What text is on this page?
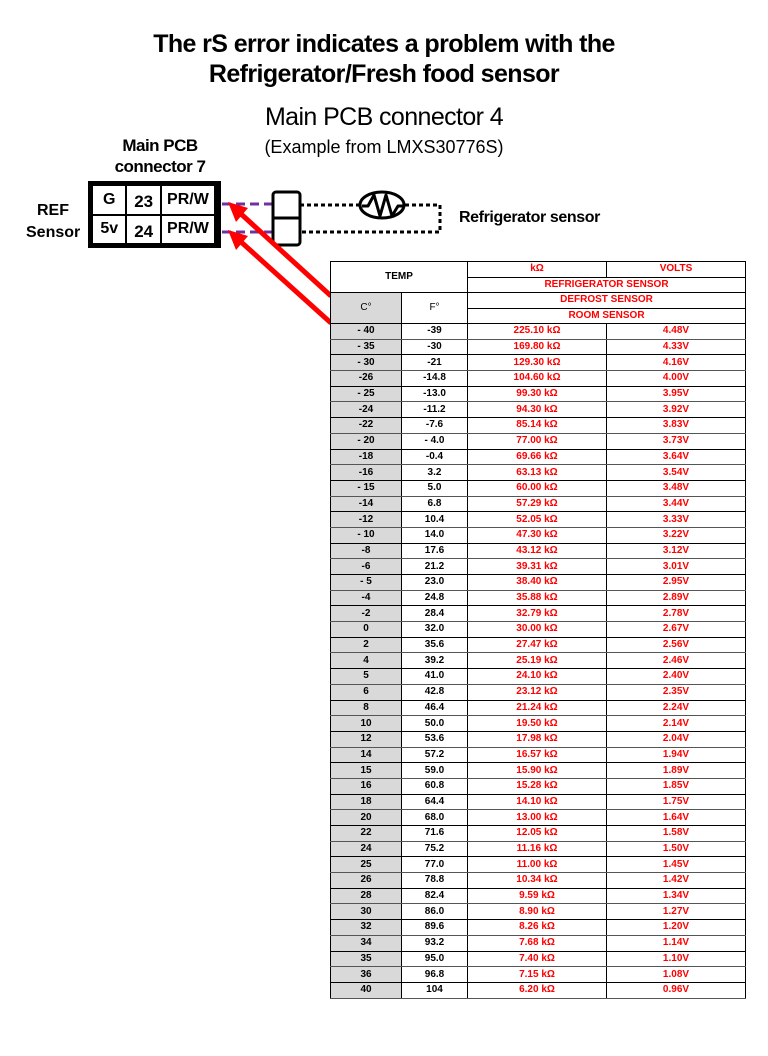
The rS error indicates a problem with the
Refrigerator/Fresh food sensor
Main PCB connector 4
(Example from LMXS30776S)
Main PCB
connector 7
REF
Sensor
G	23	PR/W
5v	24	PR/W
Refrigerator sensor
TEMP		kΩ	VOLTS
		REFRIGERATOR SENSOR	
C°	F°	DEFROST SENSOR	
		ROOM SENSOR	
- 40	-39	225.10 kΩ	4.48V
- 35	-30	169.80 kΩ	4.33V
- 30	-21	129.30 kΩ	4.16V
-26	-14.8	104.60 kΩ	4.00V
- 25	-13.0	99.30 kΩ	3.95V
-24	-11.2	94.30 kΩ	3.92V
-22	-7.6	85.14 kΩ	3.83V
- 20	- 4.0	77.00 kΩ	3.73V
-18	-0.4	69.66 kΩ	3.64V
-16	3.2	63.13 kΩ	3.54V
- 15	5.0	60.00 kΩ	3.48V
-14	6.8	57.29 kΩ	3.44V
-12	10.4	52.05 kΩ	3.33V
- 10	14.0	47.30 kΩ	3.22V
-8	17.6	43.12 kΩ	3.12V
-6	21.2	39.31 kΩ	3.01V
- 5	23.0	38.40 kΩ	2.95V
-4	24.8	35.88 kΩ	2.89V
-2	28.4	32.79 kΩ	2.78V
0	32.0	30.00 kΩ	2.67V
2	35.6	27.47 kΩ	2.56V
4	39.2	25.19 kΩ	2.46V
5	41.0	24.10 kΩ	2.40V
6	42.8	23.12 kΩ	2.35V
8	46.4	21.24 kΩ	2.24V
10	50.0	19.50 kΩ	2.14V
12	53.6	17.98 kΩ	2.04V
14	57.2	16.57 kΩ	1.94V
15	59.0	15.90 kΩ	1.89V
16	60.8	15.28 kΩ	1.85V
18	64.4	14.10 kΩ	1.75V
20	68.0	13.00 kΩ	1.64V
22	71.6	12.05 kΩ	1.58V
24	75.2	11.16 kΩ	1.50V
25	77.0	11.00 kΩ	1.45V
26	78.8	10.34 kΩ	1.42V
28	82.4	9.59 kΩ	1.34V
30	86.0	8.90 kΩ	1.27V
32	89.6	8.26 kΩ	1.20V
34	93.2	7.68 kΩ	1.14V
35	95.0	7.40 kΩ	1.10V
36	96.8	7.15 kΩ	1.08V
40	104	6.20 kΩ	0.96V
